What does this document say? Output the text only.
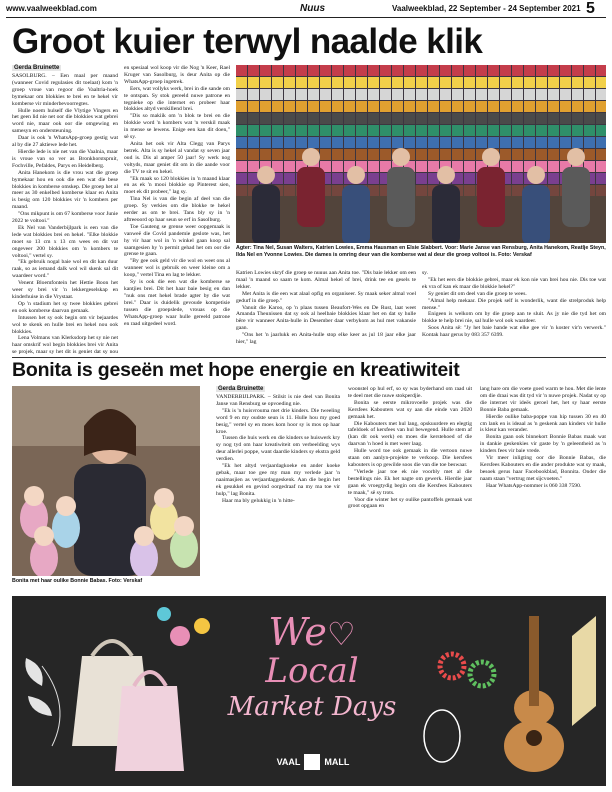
www.vaalweekblad.com	Nuus	Vaalweekblad, 22 September - 24 September 2021 5
Groot kuier terwyl naalde klik
Gerda Bruinette

SASOLBURG. – Een maal per maand (wanneer Covid regulasies dit toelaat) kom 'n groep vroue van regoor die Vaaltria-hoek bymekaar om blokkies te brei en te hekel vir komberse vir minderbevoorregtes.

Hulle noem hulself die Vlytige Vingers en het geen lid nie net oor die blokkies wat gebrei word nie, maar ook oor die omgewing en samesyn en ondersteuning.

Daar is ook 'n WhatsApp-groep gestig wat al by die 27 aktiewe lede het.

Hierdie lede is nie net van die Vaalnia, maar is vroue van so ver as Bronkhorstspruit, Fochville, Pefaldes, Parys en Heidelberg.

Anita Hanekom is die vrou wat die groep bymekaar hou en ook die een wat die bese blokkies in komberse omskep. Die groep het al meer as 30 enkelbed komberse klaar en Anita is besig om 120 blokkies vir 'n kombers per maand.

"Ons mikpunt is om 67 komberse voor Junie 2022 te voltooi."

Ek Nel van Vanderbijlpark is een van die lede wat blokkies brei en hekel. "Elke blokkie moet so 13 cm x 13 cm wees en dit vat ongeveer 200 blokkies om 'n kombers te voltooi," vertel sy.

"Ek gebruik nogal baie wol en dit kan duur raak, so as iemand dalk wol wil skenk sal dit waardeer word."

Venent Bloemfontein het Hettie Boon het weer sy brei vir 'n lekkergeselskap en kinderhuise in die Vrystaat.

Op 'n stadium het sy twee blokkies gebrei en ook komberse daarvan gemaak.

Intussen het sy ook begin om vir bejaardes wol te skenk en hulle brei en hekel nou ook blokkies.

Lena Volmans van Klerksdorp het sy nie net haar omskrif wol begin blokkies brei vir Anita se projek, maar sy het dit is geniet dat sy nou

en spesiaal wol koop vir die Nog 'n Keer, Rael Kruger van Sasolburg, is deur Anita op die WhatsApp-groep ingetrek.

Eers, wat vollyks werk, brei in die sande om te ontspan. Sy stok gereeld nuwe patrone en tegnieke op die internet en probeer haar blokkies altyd verskillend brei.

"Dis so makiik om 'n blok te brei en die blokkie word 'n kombers wat 'n verskil maak in mense se lewens. Enige een kan dit doen," sê sy.

Anita het ook vir Alta Clegg van Parys betrek. Alta is sy hekel al vandat sy seven jaar oud is. Dis al amper 50 jaar! Sy werk nog voltyds, maar geniet dit om in die aande voor die TV te sit en hekel.

"Ek maak so 120 blokkies in 'n maand klaar en as ek 'n mooi blokkie op Pinterest sien, moet ek dit probeer," lag sy.

Tina Nel is van die begin af deel van die groep. Sy verkies om die blokke te hekel eerder as om te brei. Tans bly sy in 'n aftreeoord op haar seun se erf in Sasolburg.

Toe Gauteng se grense weer oopgemaak is vanweë die Covid pandemie geslote was, het hy vir haar wol in 'n winkel gaan koop sal saamgesien hy 'n permit gehad het om oor die grense te gaan.

"By gee ook geld vir die wol en weet ons al wanneer wol is gebruik en weer kleine om a koop," vertel Tina en lag te lekker.

Sy is ook die een wat die komberse se kantjies brei. Dit het haar baie besig en dan "nuk ons met hekel brade agter by die wat brei." Daar is duidelik gevoude kompetisie tussen die groepslede, vrouas op die WhatsApp-groep waar hulle gereeld patrone en raad uitgedeel word.

Agter: Tina Nel, Susan Walters, Katrien Lowies, Emma Hausman en Elsie Slabbert. Voor: Marie Janse van Rensburg, Anita Hanekom, Reatlje Steyn, Ilda Nel en Yvonne Lowies. Die dames is omring deur van die komberse wat al deur die groep voltooi is. Foto: Verskaf

Katrien Lowies skryf die groep se nuuus aan Anita toe. "Dis baie lekker om een maal 'n maand so saam te kom. Almal hekel of brei, drink tee en gesels te lekker.

Met Anita is die een wat alaal opfig en organiseer. Sy maak seker almal voel gedurf in die groep."

Vanuit die Karoo, op 'n plaas tussen Beaufort-Wes en De Rust, laat weet Amanda Theunissen dat sy ook al heelbaie blokkies klaar het en dat sy hulle bêre vir wanneer Anita-hulle in Desember daar verbykom as hul met vakansie gaan.

"Ons het 'n jaarlukk en Anita-hulle stop elke keer as jul 18 jaar elke jaar hier," lag

sy.

"Ek het eers die blokkie gebrei, maar ek kon nie van brei hou nie. Dis toe wat ek vra of kan ek maar die blokkie hekel?"

Sy geniet dit om deel van die groep te wees.

"Almal help mekaar. Die projek self is wonderlik, want die strelproduk help mense."

Enigeen is welkom om by die groep aan te sluit. As jy nie die tyd het om blokke te help brei nie, sal hulle wol ook waardeer.

Soos Anita sê: "Jy het baie hande wat elke gee vir 'n koster vir'n verwerk." Kontak haar gerus by 083 357 6399.

Bonita is geseën met hope energie en kreatiwiteit
Bonita met haar oulike Bonnie Babas. Foto: Verskaf
Gerda Bruinette

VANDERBIJLPARK. – Stilsit is nie deel van Bonita Janse van Rensburg se opvoeding nie.

"Ek is 'n huisvrouma met drie kinders. Die tweeling word 9 en my oudste seun is 11. Hulle hou my goed besig," vertel sy en moes kom hoor sy is mos op haar kroe.

Tussen die huis werk en die kinders se huiswerk kry sy nog tyd om haar kreatiwiteit om verbeelding wys deur allerlei poppe, want daardie kinders sy ekstra geld verdien.

"Ek het altyd verjaardagkoeke en ander koeke gebak, maar toe gee my man my verlede jaar 'n naaimasjien as verjaardaggeskenk. Aan die begin het ek gesukkel en gevind oorgedraaf na my ma toe vir hulp," lag Bonita.

Haar ma bly gelukkig in 'n hitte-

woonstel op hul erf, so sy was byderhand om raad uit te deel met die nuwe stokperdjie.

Bonita se eerste mikrovoelle projek was die Kersfees Kabouters wat sy aan die einde van 2020 gemaak het.

Die Kabouters met hul lang, opskuurdere en elegtig tafeldoek of kersfees van hul bewegend. Hulle stem af (kan dit ook werk) en moes die kerstehoed of die daarvan 'n hoed is met weer laag.

Hulle word toe ook gemaak in die vertoon nuwe staan om aanlyn-projekte te verkoop. Die kersfees kabouters is op gewilde soos die van die toe beswaar.

"Verlede jaar toe ek nie voorbly met al die bestellings nie. Ek het nagte om gewerk. Hierdie jaar gaan ek vroegtydig begin om die Kersfees Kabouters te maak," sê sy trots.

Voor die winter het sy oulike pantoffels gemaak wat groot opgaan en

lang hare om die voete goed warm te hou. Met die lente om die draai was dit tyd vir 'n nuwe projek. Nadat sy op die internet vir ideës geroel het, het sy haar eerste Bonnie Baba gemaak.

Hierdie oulike baba-poppe van hip tussen 30 en 40 cm lank en is ideaal as 'n geskenk aan kinders vir hulle is kleur kan verander.

Bonita gaan ook binnekort Bonnie Babas maak wat in dankie geskenkies vir gaste by 'n geleentheid as 'n kinders fees vir baie vrede.

Vir meer inligting oor die Bonnie Babas, die Kersfees Kabouters en die ander produkte wat sy maak, besoek gerus haar Facebookblad, Bonnita. Onder die naam staan "vertrug met sijcvoeten."

Haar WhatsApp-nommer is 060 338 7590.

We♡
Local
Market Days
VAAL	MALL
